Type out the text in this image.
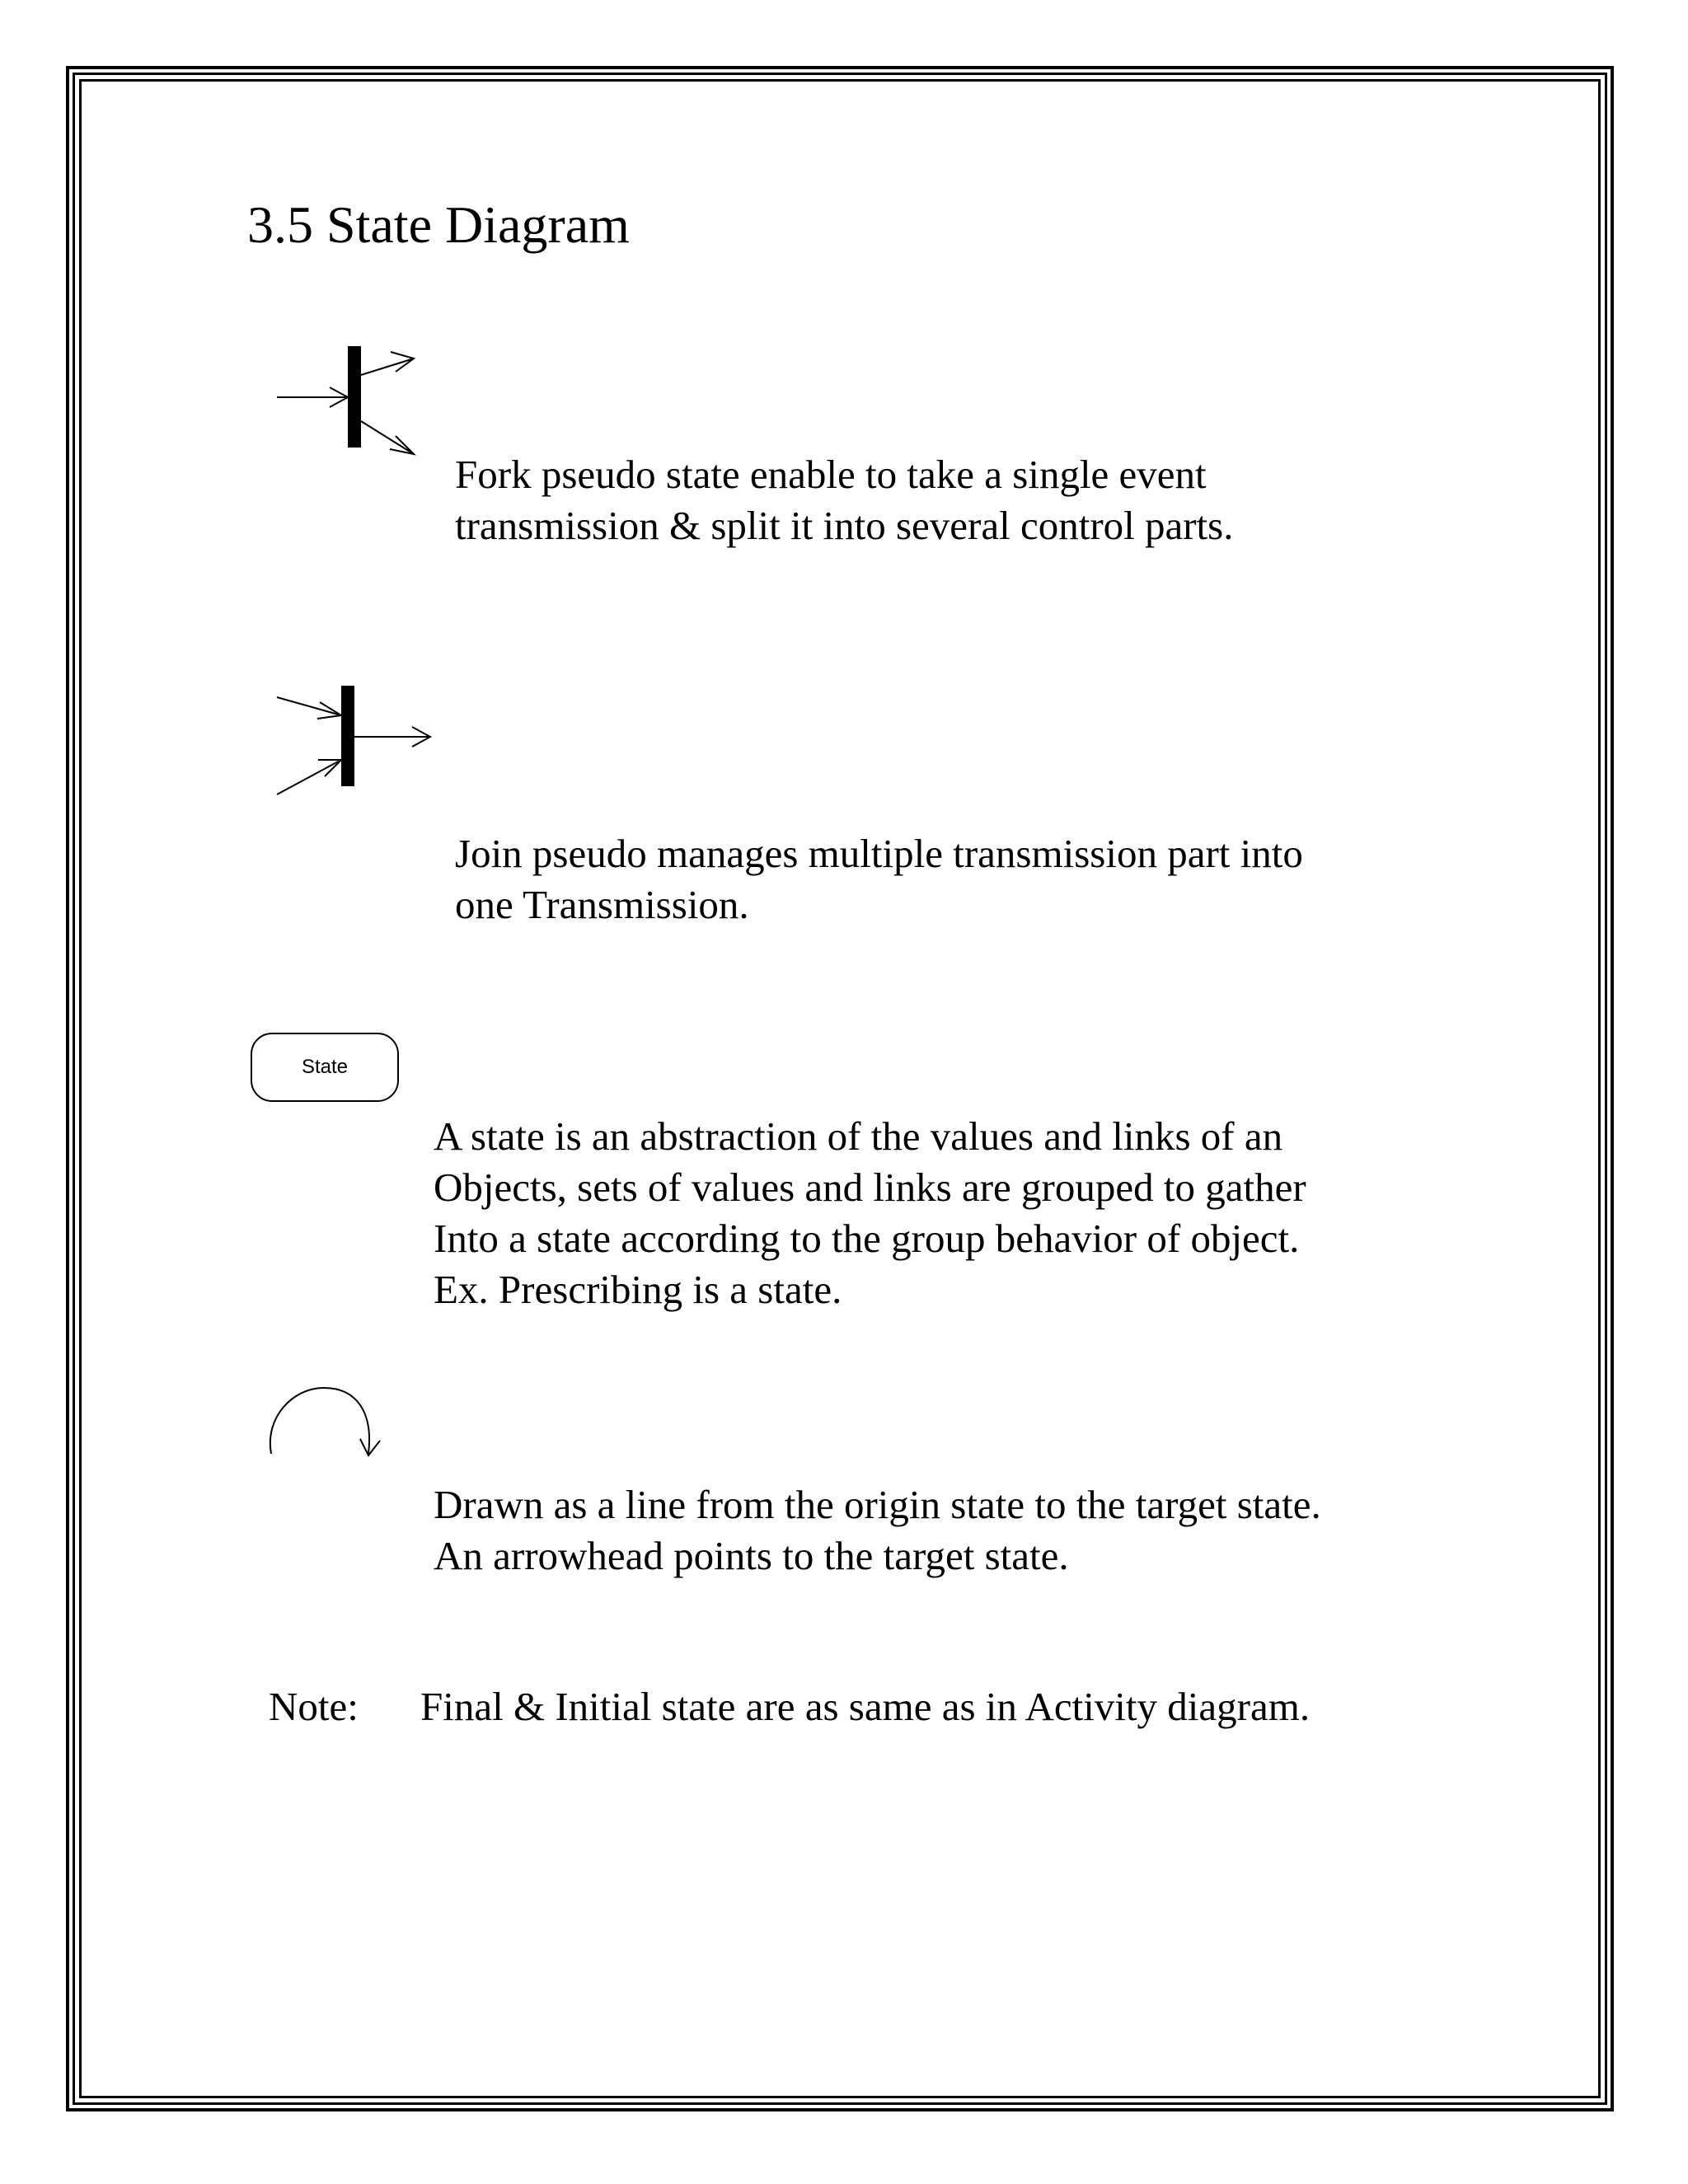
3.5 State Diagram
Fork pseudo state enable to take a single event
transmission & split it into several control parts.
Join pseudo manages multiple transmission part into
one Transmission.
State
A state is an abstraction of the values and links of an
Objects, sets of values and links are grouped to gather
Into a state according to the group behavior of object.
Ex. Prescribing is a state.
Drawn as a line from the origin state to the target state.
An arrowhead points to the target state.
Note: Final & Initial state are as same as in Activity diagram.
